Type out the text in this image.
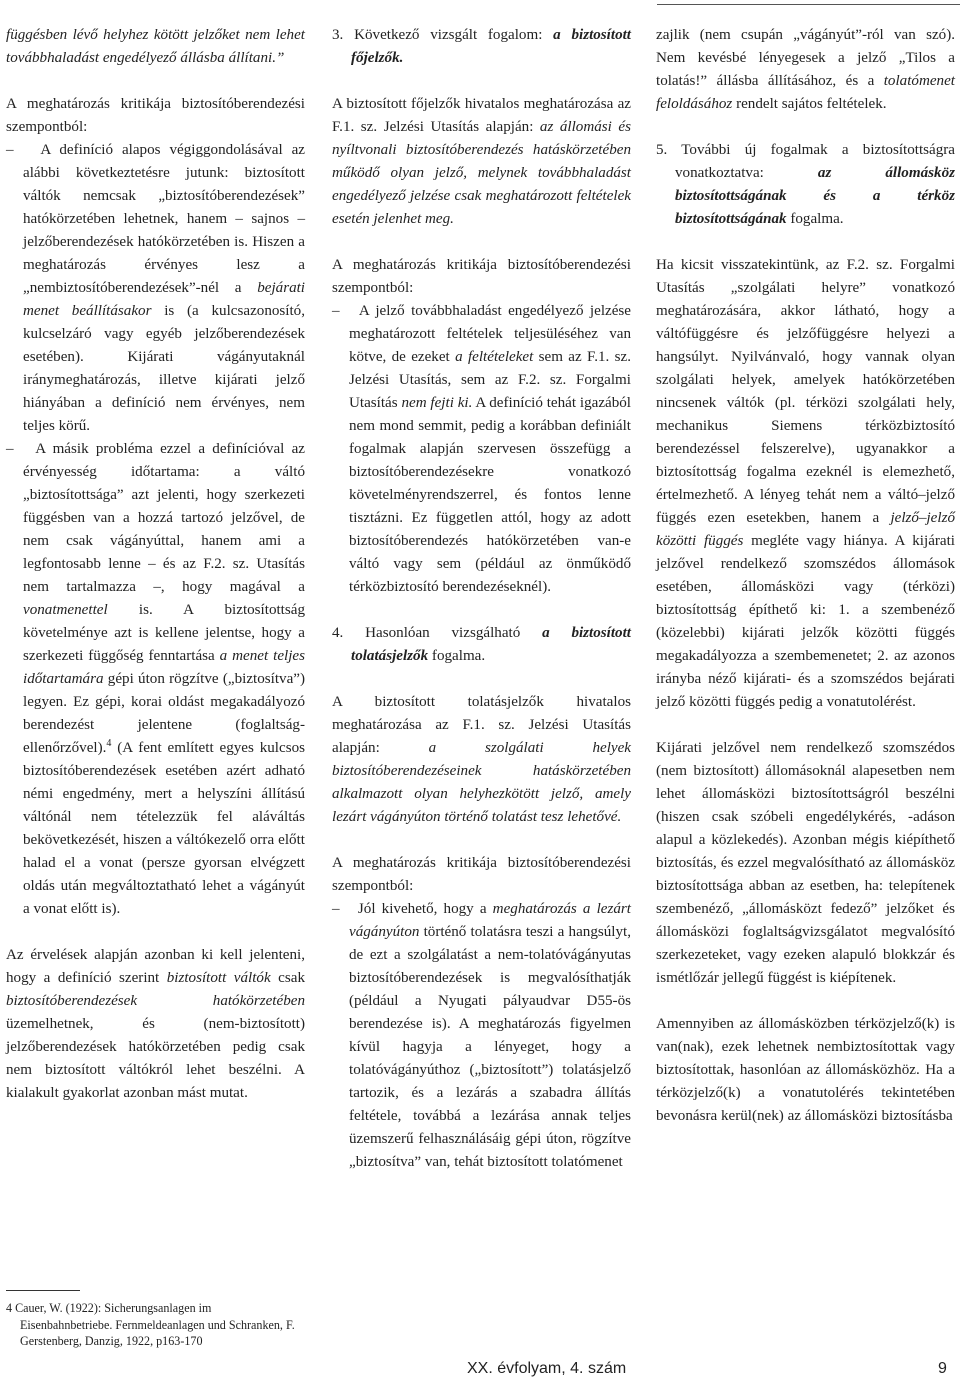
függésben lévő helyhez kötött jelzőket nem lehet továbbhaladást engedélyező állásba állítani.”

A meghatározás kritikája biztosítóberendezési szempontból:
–   A definíció alapos végiggondolásával az alábbi következtetésre jutunk: biztosított váltók nemcsak „biztosítóberendezések” hatókörzetében lehetnek, hanem – sajnos – jelzőberendezések hatókörzetében is. Hiszen a meghatározás érvényes lesz a „nembiztosítóberendezések”-nél a bejárati menet beállításakor is (a kulcsazonosító, kulcselzáró vagy egyéb jelzőberendezések esetében). Kijárati vágányutaknál iránymeghatározás, illetve kijárati jelző hiányában a definíció nem érvényes, nem teljes körű.

–   A másik probléma ezzel a definícióval az érvényesség időtartama: a váltó „biztosítottsága” azt jelenti, hogy szerkezeti függésben van a hozzá tartozó jelzővel, de nem csak vágányúttal, hanem ami a legfontosabb lenne – és az F.2. sz. Utasítás nem tartalmazza –, hogy magával a vonatmenettel is. A biztosítottság követelménye azt is kellene jelentse, hogy a szerkezeti függőség fenntartása a menet teljes időtartamára gépi úton rögzítve („biztosítva”) legyen. Ez gépi, korai oldást megakadályozó berendezést jelentene (foglaltság-ellenőrzővel).$^4$ (A fent említett egyes kulcsos biztosítóberendezések esetében azért adható némi engedmény, mert a helyszíni állítású váltónál nem tételezzük fel aláváltás bekövetkezését, hiszen a váltókezelő orra előtt halad el a vonat (persze gyorsan elvégzett oldás után megváltoztatható lehet a vágányút a vonat előtt is).

Az érvelések alapján azonban ki kell jelenteni, hogy a definíció szerint biztosított váltók csak biztosítóberendezések hatókörzetében üzemelhetnek, és (nem-biztosított) jelzőberendezések hatókörzetében pedig csak nem biztosított váltókról lehet beszélni. A kialakult gyakorlat azonban mást mutat.

4 Cauer, W. (1922): Sicherungsanlagen im Eisenbahnbetriebe. Fernmeldeanlagen und Schranken, F. Gerstenberg, Danzig, 1922, p163-170

3. Következő vizsgált fogalom: a biztosított főjelzők.

A biztosított főjelzők hivatalos meghatározása az F.1. sz. Jelzési Utasítás alapján: az állomási és nyíltvonali biztosítóberendezés hatáskörzetében működő olyan jelző, melynek továbbhaladást engedélyező jelzése csak meghatározott feltételek esetén jelenhet meg.

A meghatározás kritikája biztosítóberendezési szempontból:

–   A jelző továbbhaladást engedélyező jelzése meghatározott feltételek teljesüléséhez van kötve, de ezeket a feltételeket sem az F.1. sz. Jelzési Utasítás, sem az F.2. sz. Forgalmi Utasítás nem fejti ki. A definíció tehát igazából nem mond semmit, pedig a korábban definiált fogalmak alapján szervesen összefügg a biztosítóberendezésekre vonatkozó követelményrendszerrel, és fontos lenne tisztázni. Ez független attól, hogy az adott biztosítóberendezés hatókörzetében van-e váltó vagy sem (például az önműködő térközbiztosító berendezéseknél).

4. Hasonlóan vizsgálható a biztosított tolatásjelzők fogalma.

A biztosított tolatásjelzők hivatalos meghatározása az F.1. sz. Jelzési Utasítás alapján: a szolgálati helyek biztosítóberendezéseinek hatáskörzetében alkalmazott olyan helyhezkötött jelző, amely lezárt vágányúton történő tolatást tesz lehetővé.

A meghatározás kritikája biztosítóberendezési szempontból:
–   Jól kivehető, hogy a meghatározás a lezárt vágányúton történő tolatásra teszi a hangsúlyt, de ezt a szolgálatást a nem-tolatóvágányutas biztosítóberendezések is megvalósíthatják (például a Nyugati pályaudvar D55-ös berendezése is). A meghatározás figyelmen kívül hagyja a lényeget, hogy a tolatóvágányúthoz („biztosított”) tolatásjelző tartozik, és a lezárás a szabadra állítás feltétele, továbbá a lezárása annak teljes üzemszerű felhasználásáig gépi úton, rögzítve „biztosítva” van, tehát biztosított tolatómenet

zajlik (nem csupán „vágányút”-ról van szó). Nem kevésbé lényegesek a jelző „Tilos a tolatás!” állásba állításához, és a tolatómenet feloldásához rendelt sajátos feltételek.

5. További új fogalmak a biztosítottságra vonatkoztatva: az állomásköz biztosítottságának és a térköz biztosítottságának fogalma.

Ha kicsit visszatekintünk, az F.2. sz. Forgalmi Utasítás „szolgálati helyre” vonatkozó meghatározására, akkor látható, hogy a váltófüggésre és jelzőfüggésre helyezi a hangsúlyt. Nyilvánvaló, hogy vannak olyan szolgálati helyek, amelyek hatókörzetében nincsenek váltók (pl. térközi szolgálati hely, mechanikus Siemens térközbiztosító berendezéssel felszerelve), ugyanakkor a biztosítottság fogalma ezeknél is elemezhető, értelmezhető. A lényeg tehát nem a váltó–jelző függés ezen esetekben, hanem a jelző–jelző közötti függés megléte vagy hiánya. A kijárati jelzővel rendelkező szomszédos állomások esetében, állomásközi vagy (térközi) biztosítottság építhető ki: 1. a szembenéző (közelebbi) kijárati jelzők közötti függés megakadályozza a szembemenetet; 2. az azonos irányba néző kijárati- és a szomszédos bejárati jelző közötti függés pedig a vonatutolérést.

Kijárati jelzővel nem rendelkező szomszédos (nem biztosított) állomásoknál alapesetben nem lehet állomásközi biztosítottságról beszélni (hiszen csak szóbeli engedélykérés, -adáson alapul a közlekedés). Azonban mégis kiépíthető biztosítás, és ezzel megvalósítható az állomásköz biztosítottsága abban az esetben, ha: telepítenek szembenéző, „állomásközt fedező” jelzőket és állomásközi foglaltságvizsgálatot megvalósító szerkezeteket, vagy ezeken alapuló blokkzár és ismétlőzár jellegű függést is kiépítenek.

Amennyiben az állomásközben térközjelző(k) is van(nak), ezek lehetnek nembiztosítottak vagy biztosítottak, hasonlóan az állomásközhöz. Ha a térközjelző(k) a vonatutolérés tekintetében bevonásra kerül(nek) az állomásközi biztosításba

XX. évfolyam, 4. szám	9
